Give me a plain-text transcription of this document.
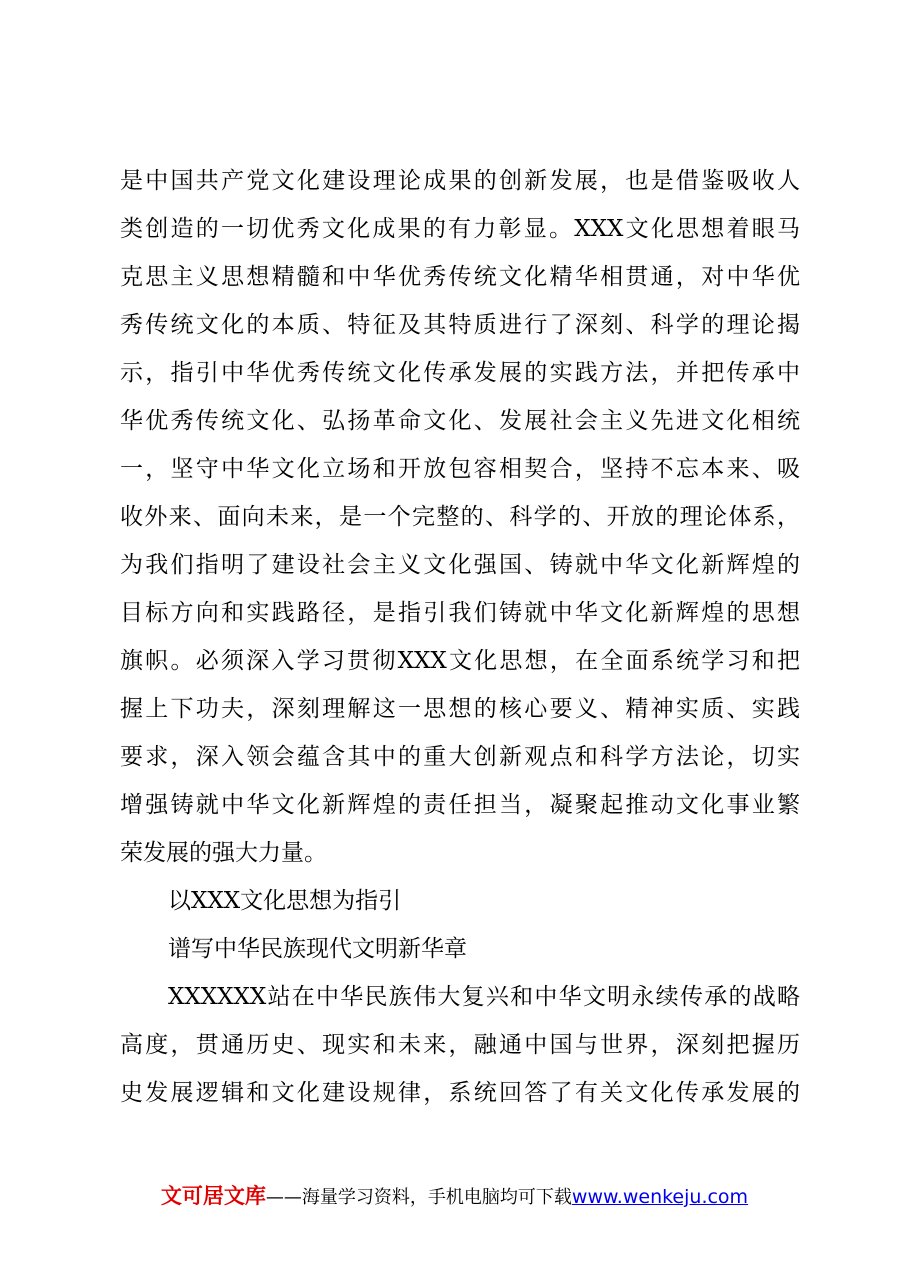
是中国共产党文化建设理论成果的创新发展，也是借鉴吸收人
类创造的一切优秀文化成果的有力彰显。XXX文化思想着眼马
克思主义思想精髓和中华优秀传统文化精华相贯通，对中华优
秀传统文化的本质、特征及其特质进行了深刻、科学的理论揭
示，指引中华优秀传统文化传承发展的实践方法，并把传承中
华优秀传统文化、弘扬革命文化、发展社会主义先进文化相统
一，坚守中华文化立场和开放包容相契合，坚持不忘本来、吸
收外来、面向未来，是一个完整的、科学的、开放的理论体系，
为我们指明了建设社会主义文化强国、铸就中华文化新辉煌的
目标方向和实践路径，是指引我们铸就中华文化新辉煌的思想
旗帜。必须深入学习贯彻XXX文化思想，在全面系统学习和把
握上下功夫，深刻理解这一思想的核心要义、精神实质、实践
要求，深入领会蕴含其中的重大创新观点和科学方法论，切实
增强铸就中华文化新辉煌的责任担当，凝聚起推动文化事业繁
荣发展的强大力量。
以XXX文化思想为指引
谱写中华民族现代文明新华章
XXXXXX站在中华民族伟大复兴和中华文明永续传承的战略
高度，贯通历史、现实和未来，融通中国与世界，深刻把握历
史发展逻辑和文化建设规律，系统回答了有关文化传承发展的
文可居文库——海量学习资料，手机电脑均可下载www.wenkeju.com
